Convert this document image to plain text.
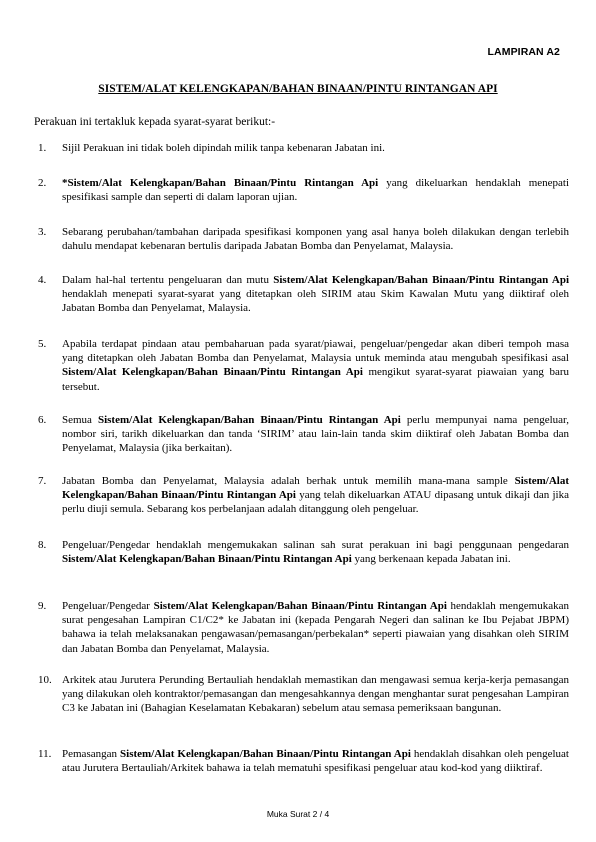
LAMPIRAN A2
SISTEM/ALAT KELENGKAPAN/BAHAN BINAAN/PINTU RINTANGAN API
Perakuan ini tertakluk kepada syarat-syarat berikut:-
1.	Sijil Perakuan ini tidak boleh dipindah milik tanpa kebenaran Jabatan ini.
2.	*Sistem/Alat Kelengkapan/Bahan Binaan/Pintu Rintangan Api yang dikeluarkan hendaklah menepati spesifikasi sample dan seperti di dalam laporan ujian.
3.	Sebarang perubahan/tambahan daripada spesifikasi komponen yang asal hanya boleh dilakukan dengan terlebih dahulu mendapat kebenaran bertulis daripada Jabatan Bomba dan Penyelamat, Malaysia.
4.	Dalam hal-hal tertentu pengeluaran dan mutu Sistem/Alat Kelengkapan/Bahan Binaan/Pintu Rintangan Api hendaklah menepati syarat-syarat yang ditetapkan oleh SIRIM atau Skim Kawalan Mutu yang diiktiraf oleh Jabatan Bomba dan Penyelamat, Malaysia.
5.	Apabila terdapat pindaan atau pembaharuan pada syarat/piawai, pengeluar/pengedar akan diberi tempoh masa yang ditetapkan oleh Jabatan Bomba dan Penyelamat, Malaysia untuk meminda atau mengubah spesifikasi asal Sistem/Alat Kelengkapan/Bahan Binaan/Pintu Rintangan Api mengikut syarat-syarat piawaian yang baru tersebut.
6.	Semua Sistem/Alat Kelengkapan/Bahan Binaan/Pintu Rintangan Api perlu mempunyai nama pengeluar, nombor siri, tarikh dikeluarkan dan tanda ‘SIRIM’ atau lain-lain tanda skim diiktiraf oleh Jabatan Bomba dan Penyelamat, Malaysia (jika berkaitan).
7.	Jabatan Bomba dan Penyelamat, Malaysia adalah berhak untuk memilih mana-mana sample Sistem/Alat Kelengkapan/Bahan Binaan/Pintu Rintangan Api yang telah dikeluarkan ATAU dipasang untuk dikaji dan jika perlu diuji semula. Sebarang kos perbelanjaan adalah ditanggung oleh pengeluar.
8.	Pengeluar/Pengedar hendaklah mengemukakan salinan sah surat perakuan ini bagi penggunaan pengedaran Sistem/Alat Kelengkapan/Bahan Binaan/Pintu Rintangan Api yang berkenaan kepada Jabatan ini.
9.	Pengeluar/Pengedar Sistem/Alat Kelengkapan/Bahan Binaan/Pintu Rintangan Api hendaklah mengemukakan surat pengesahan Lampiran C1/C2* ke Jabatan ini (kepada Pengarah Negeri dan salinan ke Ibu Pejabat JBPM) bahawa ia telah melaksanakan pengawasan/pemasangan/perbekalan* seperti piawaian yang disahkan oleh SIRIM dan Jabatan Bomba dan Penyelamat, Malaysia.
10. Arkitek atau Jurutera Perunding Bertauliah hendaklah memastikan dan mengawasi semua kerja-kerja pemasangan yang dilakukan oleh kontraktor/pemasangan dan mengesahkannya dengan menghantar surat pengesahan Lampiran C3 ke Jabatan ini (Bahagian Keselamatan Kebakaran) sebelum atau semasa pemeriksaan bangunan.
11. Pemasangan Sistem/Alat Kelengkapan/Bahan Binaan/Pintu Rintangan Api hendaklah disahkan oleh pengeluat atau Jurutera Bertauliah/Arkitek bahawa ia telah mematuhi spesifikasi pengeluar atau kod-kod yang diiktiraf.
Muka Surat 2 / 4
